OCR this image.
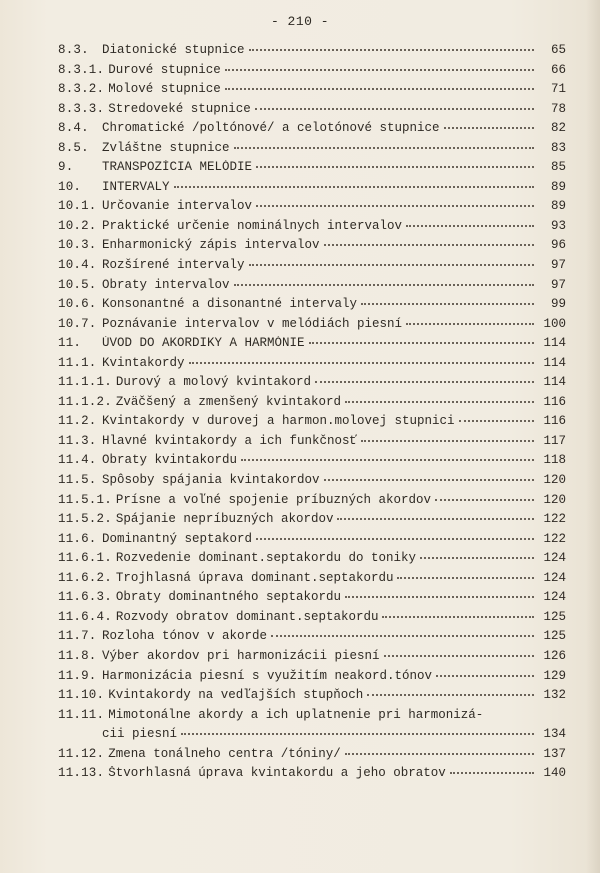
- 210 -
8.3.	Diatonické stupnice	65
8.3.1. Durové stupnice	66
8.3.2. Molové stupnice	71
8.3.3. Stredoveké stupnice	78
8.4.	Chromatické /poltónové/ a celotónové stupnice	82
8.5.	Zvláštne stupnice	83
9.	TRANSPOZÍCIA MELÓDIE	85
10.	INTERVALY	89
10.1. Určovanie intervalov	89
10.2. Praktické určenie nominálnych intervalov	93
10.3. Enharmonický zápis intervalov	96
10.4. Rozšírené intervaly	97
10.5. Obraty intervalov	97
10.6. Konsonantné a disonantné intervaly	99
10.7. Poznávanie intervalov v melódiách piesní	100
11.	ÚVOD DO AKORDIKY A HARMÓNIE	114
11.1. Kvintakordy	114
11.1.1. Durový a molový kvintakord	114
11.1.2. Zväčšený a zmenšený kvintakord	116
11.2. Kvintakordy v durovej a harmon.molovej stupnici	116
11.3. Hlavné kvintakordy a ich funkčnosť	117
11.4. Obraty kvintakordu	118
11.5. Spôsoby spájania kvintakordov	120
11.5.1. Prísne a voľné spojenie príbuzných akordov	120
11.5.2. Spájanie nepríbuzných akordov	122
11.6. Dominantný septakord	122
11.6.1. Rozvedenie dominant.septakordu do toniky	124
11.6.2. Trojhlasná úprava dominant.septakordu	124
11.6.3. Obraty dominantného septakordu	124
11.6.4. Rozvody obratov dominant.septakordu	125
11.7. Rozloha tónov v akorde	125
11.8. Výber akordov pri harmonizácii piesní	126
11.9. Harmonizácia piesní s využitím neakord.tónov	129
11.10. Kvintakordy na vedľajších stupňoch	132
11.11. Mimotonálne akordy a ich uplatnenie pri harmonizá-
cii piesní	134
11.12. Zmena tonálneho centra /tóniny/	137
11.13. Štvorhlasná úprava kvintakordu a jeho obratov	140
